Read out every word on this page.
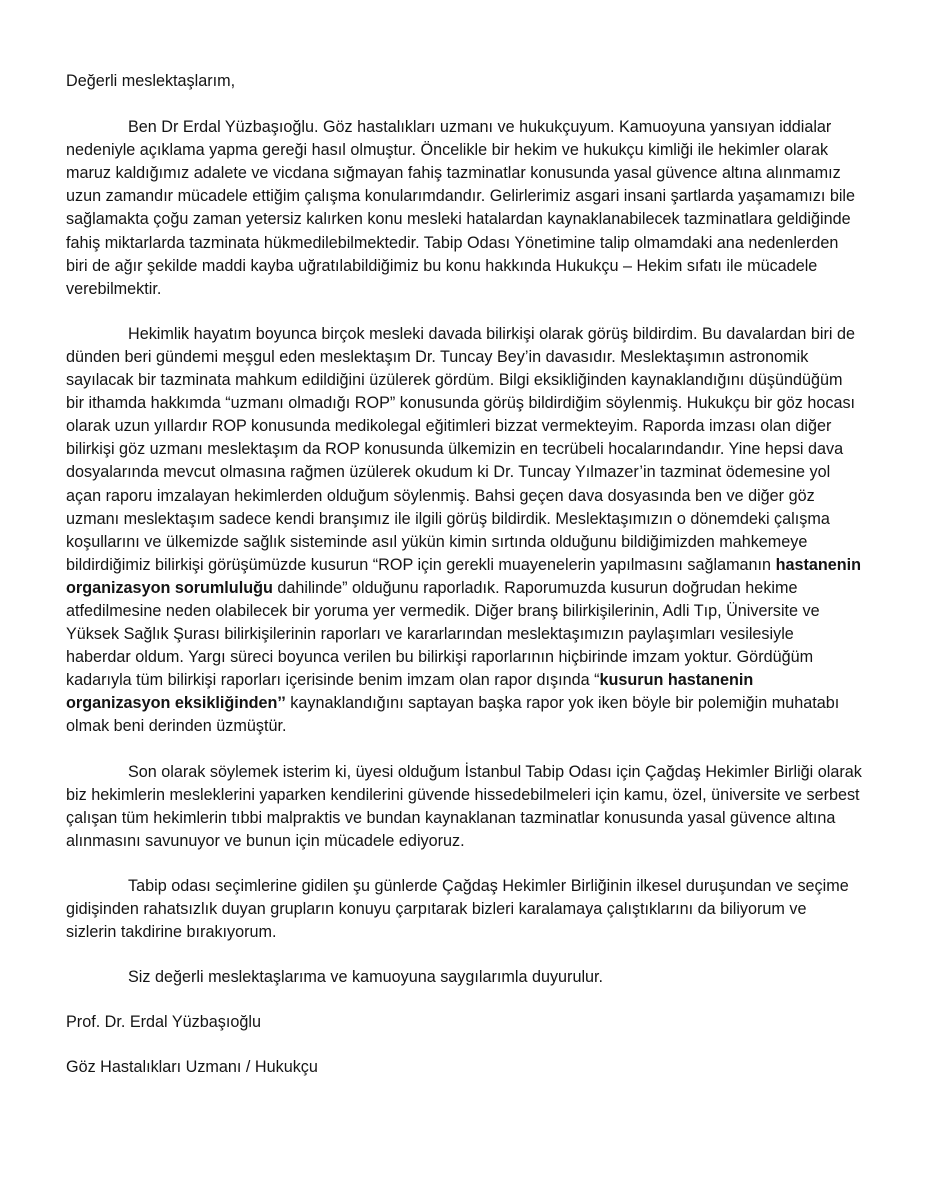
Değerli meslektaşlarım,

Ben Dr Erdal Yüzbaşıoğlu. Göz hastalıkları uzmanı ve hukukçuyum. Kamuoyuna yansıyan iddialar nedeniyle açıklama yapma gereği hasıl olmuştur. Öncelikle bir hekim ve hukukçu kimliği ile hekimler olarak maruz kaldığımız adalete ve vicdana sığmayan fahiş tazminatlar konusunda yasal güvence altına alınmamız uzun zamandır mücadele ettiğim çalışma konularımdandır. Gelirlerimiz asgari insani şartlarda yaşamamızı bile sağlamakta çoğu zaman yetersiz kalırken konu mesleki hatalardan kaynaklanabilecek tazminatlara geldiğinde fahiş miktarlarda tazminata hükmedilebilmektedir. Tabip Odası Yönetimine talip olmamdaki ana nedenlerden biri de ağır şekilde maddi kayba uğratılabildiğimiz bu konu hakkında Hukukçu – Hekim sıfatı ile mücadele verebilmektir.

Hekimlik hayatım boyunca birçok mesleki davada bilirkişi olarak görüş bildirdim. Bu davalardan biri de dünden beri gündemi meşgul eden meslektaşım Dr. Tuncay Bey’in davasıdır. Meslektaşımın astronomik sayılacak bir tazminata mahkum edildiğini üzülerek gördüm. Bilgi eksikliğinden kaynaklandığını düşündüğüm bir ithamda hakkımda “uzmanı olmadığı ROP” konusunda görüş bildirdiğim söylenmiş. Hukukçu bir göz hocası olarak uzun yıllardır ROP konusunda medikolegal eğitimleri bizzat vermekteyim. Raporda imzası olan diğer bilirkişi göz uzmanı meslektaşım da ROP konusunda ülkemizin en tecrübeli hocalarındandır. Yine hepsi dava dosyalarında mevcut olmasına rağmen üzülerek okudum ki Dr. Tuncay Yılmazer’in tazminat ödemesine yol açan raporu imzalayan hekimlerden olduğum söylenmiş. Bahsi geçen dava dosyasında ben ve diğer göz uzmanı meslektaşım sadece kendi branşımız ile ilgili görüş bildirdik. Meslektaşımızın o dönemdeki çalışma koşullarını ve ülkemizde sağlık sisteminde asıl yükün kimin sırtında olduğunu bildiğimizden mahkemeye bildirdiğimiz bilirkişi görüşümüzde kusurun “ROP için gerekli muayenelerin yapılmasını sağlamanın hastanenin organizasyon sorumluluğu dahilinde” olduğunu raporladık. Raporumuzda kusurun doğrudan hekime atfedilmesine neden olabilecek bir yoruma yer vermedik. Diğer branş bilirkişilerinin, Adli Tıp, Üniversite ve Yüksek Sağlık Şurası bilirkişilerinin raporları ve kararlarından meslektaşımızın paylaşımları vesilesiyle haberdar oldum. Yargı süreci boyunca verilen bu bilirkişi raporlarının hiçbirinde imzam yoktur. Gördüğüm kadarıyla tüm bilirkişi raporları içerisinde benim imzam olan rapor dışında “kusurun hastanenin organizasyon eksikliğinden’’ kaynaklandığını saptayan başka rapor yok iken böyle bir polemiğin muhatabı olmak beni derinden üzmüştür.

Son olarak söylemek isterim ki, üyesi olduğum İstanbul Tabip Odası için Çağdaş Hekimler Birliği olarak biz hekimlerin mesleklerini yaparken kendilerini güvende hissedebilmeleri için kamu, özel, üniversite ve serbest çalışan tüm hekimlerin tıbbi malpraktis ve bundan kaynaklanan tazminatlar konusunda yasal güvence altına alınmasını savunuyor ve bunun için mücadele ediyoruz.

Tabip odası seçimlerine gidilen şu günlerde Çağdaş Hekimler Birliğinin ilkesel duruşundan ve seçime gidişinden rahatsızlık duyan grupların konuyu çarpıtarak bizleri karalamaya çalıştıklarını da biliyorum ve sizlerin takdirine bırakıyorum.

Siz değerli meslektaşlarıma ve kamuoyuna saygılarımla duyurulur.

Prof. Dr. Erdal Yüzbaşıoğlu

Göz Hastalıkları Uzmanı / Hukukçu
